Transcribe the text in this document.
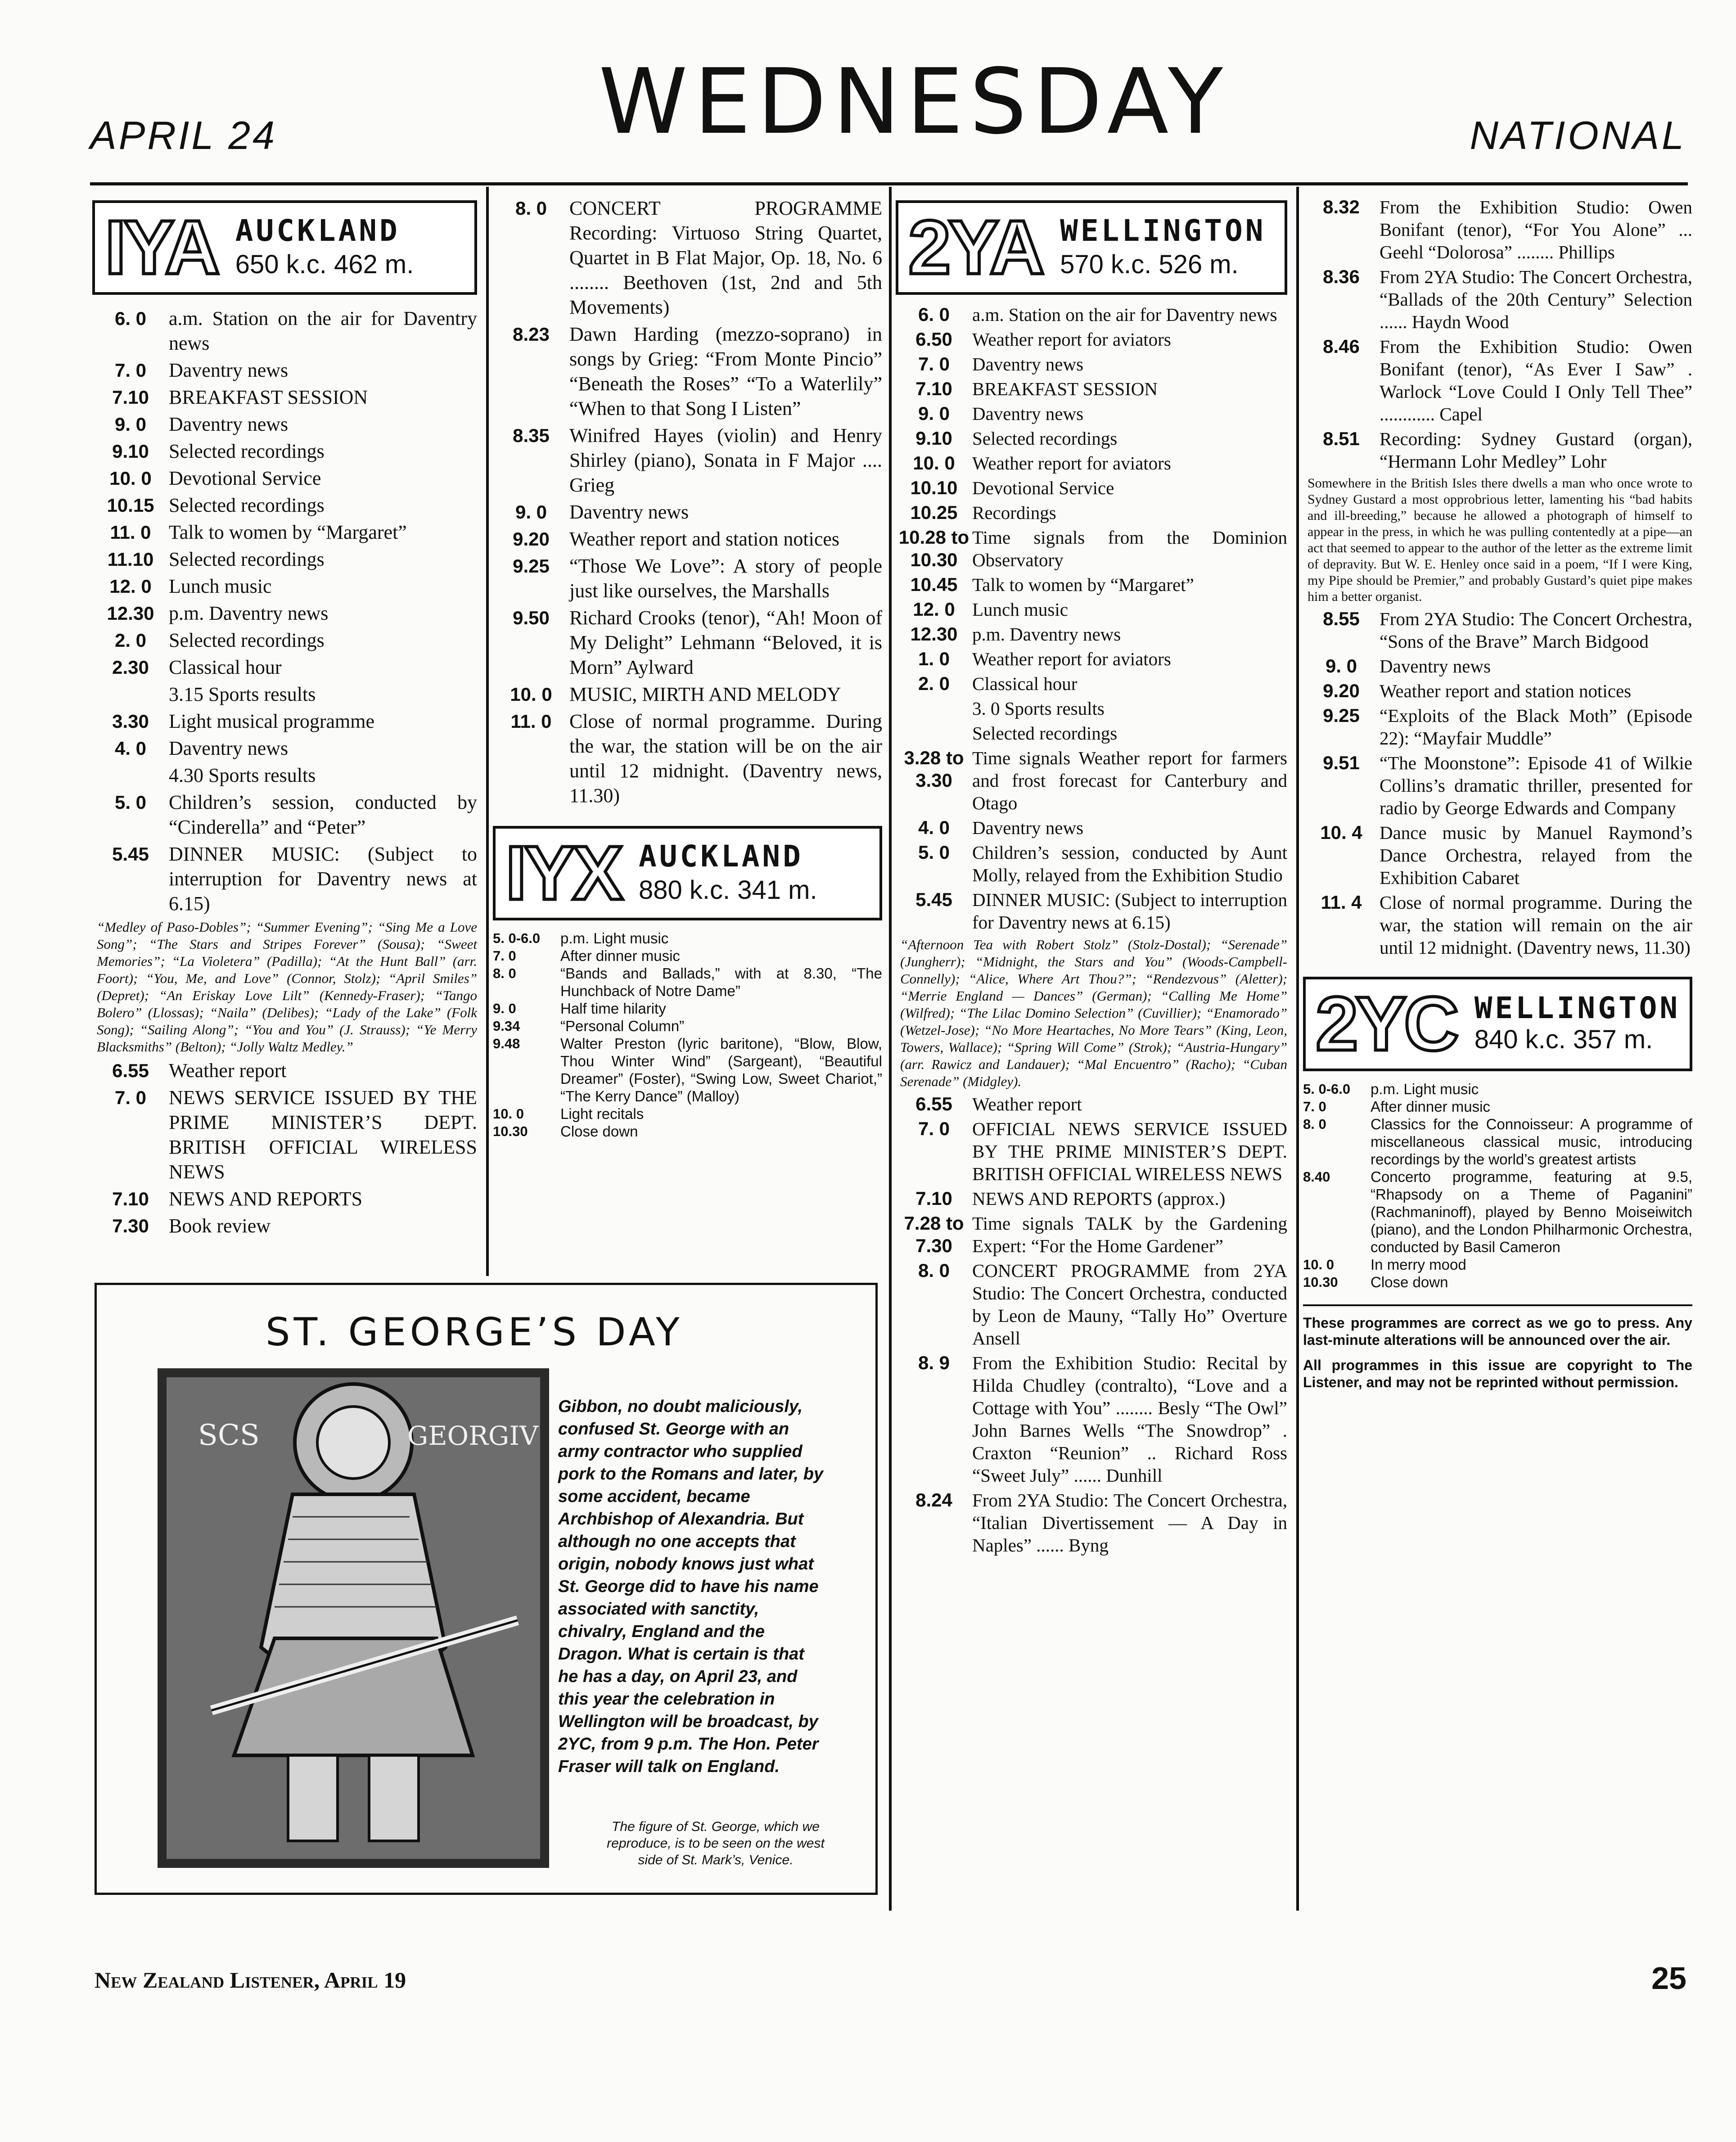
APRIL 24	WEDNESDAY	NATIONAL
IYA AUCKLAND
650 k.c. 462 m.
6. 0	a.m. Station on the air for Daventry news
7. 0	Daventry news
7.10	BREAKFAST SESSION
9. 0	Daventry news
9.10	Selected recordings
10. 0 Devotional Service
10.15 Selected recordings
11. 0 Talk to women by “Margaret”
11.10 Selected recordings
12. 0 Lunch music
12.30 p.m. Daventry news
2. 0	Selected recordings
2.30	Classical hour
3.15 Sports results
3.30	Light musical programme
4. 0	Daventry news
4.30 Sports results
5. 0	Children’s session, conducted by “Cinderella” and “Peter”
5.45	DINNER MUSIC: (Subject to interruption for Daventry news at 6.15)
“Medley of Paso-Dobles”; “Summer Evening”; “Sing Me a Love Song”; “The Stars and Stripes Forever” (Sousa); “Sweet Memories”; “La Violetera” (Padilla); “At the Hunt Ball” (arr. Foort); “You, Me, and Love” (Connor, Stolz); “April Smiles” (Depret); “An Eriskay Love Lilt” (Kennedy-Fraser); “Tango Bolero” (Llossas); “Naila” (Delibes); “Lady of the Lake” (Folk Song); “Sailing Along”; “You and You” (J. Strauss); “Ye Merry Blacksmiths” (Belton); “Jolly Waltz Medley.”
6.55	Weather report
7. 0	NEWS SERVICE ISSUED BY THE PRIME MINISTER’S DEPT. BRITISH OFFICIAL WIRELESS NEWS
7.10	NEWS AND REPORTS
7.30	Book review
8. 0	CONCERT PROGRAMME Recording: Virtuoso String Quartet, Quartet in B Flat Major, Op. 18, No. 6 ........ Beethoven (1st, 2nd and 5th Movements)
8.23	Dawn Harding (mezzo-soprano) in songs by Grieg: “From Monte Pincio” “Beneath the Roses” “To a Waterlily” “When to that Song I Listen”
8.35	Winifred Hayes (violin) and Henry Shirley (piano), Sonata in F Major .... Grieg
9. 0	Daventry news
9.20	Weather report and station notices
9.25	“Those We Love”: A story of people just like ourselves, the Marshalls
9.50	Richard Crooks (tenor), “Ah! Moon of My Delight” Lehmann “Beloved, it is Morn” Aylward
10. 0 MUSIC, MIRTH AND MELODY
11. 0 Close of normal programme. During the war, the station will be on the air until 12 midnight. (Daventry news, 11.30)
IYX AUCKLAND
880 k.c. 341 m.
5. 0-6.0	p.m. Light music
7. 0	After dinner music
8. 0	“Bands and Ballads,” with at 8.30, “The Hunchback of Notre Dame”
9. 0	Half time hilarity
9.34	“Personal Column”
9.48	Walter Preston (lyric baritone), “Blow, Blow, Thou Winter Wind” (Sargeant), “Beautiful Dreamer” (Foster), “Swing Low, Sweet Chariot,” “The Kerry Dance” (Malloy)
10. 0	Light recitals
10.30	Close down
ST. GEORGE’S DAY
SCS	GEORGIV
Gibbon, no doubt maliciously, confused St. George with an army contractor who supplied pork to the Romans and later, by some accident, became Archbishop of Alexandria. But although no one accepts that origin, nobody knows just what St. George did to have his name associated with sanctity, chivalry, England and the Dragon. What is certain is that he has a day, on April 23, and this year the celebration in Wellington will be broadcast, by 2YC, from 9 p.m. The Hon. Peter Fraser will talk on England.
The figure of St. George, which we reproduce, is to be seen on the west side of St. Mark’s, Venice.
2YA WELLINGTON
570 k.c. 526 m.
6. 0	a.m. Station on the air for Daventry news
6.50	Weather report for aviators
7. 0	Daventry news
7.10	BREAKFAST SESSION
9. 0	Daventry news
9.10	Selected recordings
10. 0 Weather report for aviators
10.10 Devotional Service
10.25 Recordings
10.28 to 10.30
Time signals from the Dominion Observatory
10.45 Talk to women by “Margaret”
12. 0 Lunch music
12.30 p.m. Daventry news
1. 0	Weather report for aviators
2. 0	Classical hour
3. 0 Sports results
Selected recordings
3.28 to 3.30
Time signals Weather report for farmers and frost forecast for Canterbury and Otago
4. 0	Daventry news
5. 0	Children’s session, conducted by Aunt Molly, relayed from the Exhibition Studio
5.45	DINNER MUSIC: (Subject to interruption for Daventry news at 6.15)
“Afternoon Tea with Robert Stolz” (Stolz-Dostal); “Serenade” (Jungherr); “Midnight, the Stars and You” (Woods-Campbell-Connelly); “Alice, Where Art Thou?”; “Rendezvous” (Aletter); “Merrie England — Dances” (German); “Calling Me Home” (Wilfred); “The Lilac Domino Selection” (Cuvillier); “Enamorado” (Wetzel-Jose); “No More Heartaches, No More Tears” (King, Leon, Towers, Wallace); “Spring Will Come” (Strok); “Austria-Hungary” (arr. Rawicz and Landauer); “Mal Encuentro” (Racho); “Cuban Serenade” (Midgley).
6.55	Weather report
7. 0	OFFICIAL NEWS SERVICE ISSUED BY THE PRIME MINISTER’S DEPT. BRITISH OFFICIAL WIRELESS NEWS
7.10	NEWS AND REPORTS (approx.)
7.28 to 7.30
Time signals TALK by the Gardening Expert: “For the Home Gardener”
8. 0	CONCERT PROGRAMME from 2YA Studio: The Concert Orchestra, conducted by Leon de Mauny, “Tally Ho” Overture Ansell
8. 9	From the Exhibition Studio: Recital by Hilda Chudley (contralto), “Love and a Cottage with You” ........ Besly “The Owl” John Barnes Wells “The Snowdrop” . Craxton “Reunion” .. Richard Ross “Sweet July” ...... Dunhill
8.24	From 2YA Studio: The Concert Orchestra, “Italian Divertissement — A Day in Naples” ...... Byng
8.32	From the Exhibition Studio: Owen Bonifant (tenor), “For You Alone” ... Geehl “Dolorosa” ........ Phillips
8.36	From 2YA Studio: The Concert Orchestra, “Ballads of the 20th Century” Selection ...... Haydn Wood
8.46	From the Exhibition Studio: Owen Bonifant (tenor), “As Ever I Saw” . Warlock “Love Could I Only Tell Thee” ............ Capel
8.51	Recording: Sydney Gustard (organ), “Hermann Lohr Medley” Lohr
Somewhere in the British Isles there dwells a man who once wrote to Sydney Gustard a most opprobrious letter, lamenting his “bad habits and ill-breeding,” because he allowed a photograph of himself to appear in the press, in which he was pulling contentedly at a pipe—an act that seemed to appear to the author of the letter as the extreme limit of depravity. But W. E. Henley once said in a poem, “If I were King, my Pipe should be Premier,” and probably Gustard’s quiet pipe makes him a better organist.
8.55	From 2YA Studio: The Concert Orchestra, “Sons of the Brave” March Bidgood
9. 0	Daventry news
9.20	Weather report and station notices
9.25	“Exploits of the Black Moth” (Episode 22): “Mayfair Muddle”
9.51	“The Moonstone”: Episode 41 of Wilkie Collins’s dramatic thriller, presented for radio by George Edwards and Company
10. 4 Dance music by Manuel Raymond’s Dance Orchestra, relayed from the Exhibition Cabaret
11. 4 Close of normal programme. During the war, the station will remain on the air until 12 midnight. (Daventry news, 11.30)
2YC WELLINGTON
840 k.c. 357 m.
5. 0-6.0	p.m. Light music
7. 0	After dinner music
8. 0	Classics for the Connoisseur: A programme of miscellaneous classical music, introducing recordings by the world’s greatest artists
8.40	Concerto programme, featuring at 9.5, “Rhapsody on a Theme of Paganini” (Rachmaninoff), played by Benno Moiseiwitch (piano), and the London Philharmonic Orchestra, conducted by Basil Cameron
10. 0	In merry mood
10.30	Close down
These programmes are correct as we go to press. Any last-minute alterations will be announced over the air.
All programmes in this issue are copyright to The Listener, and may not be reprinted without permission.
New Zealand Listener, April 19	25
